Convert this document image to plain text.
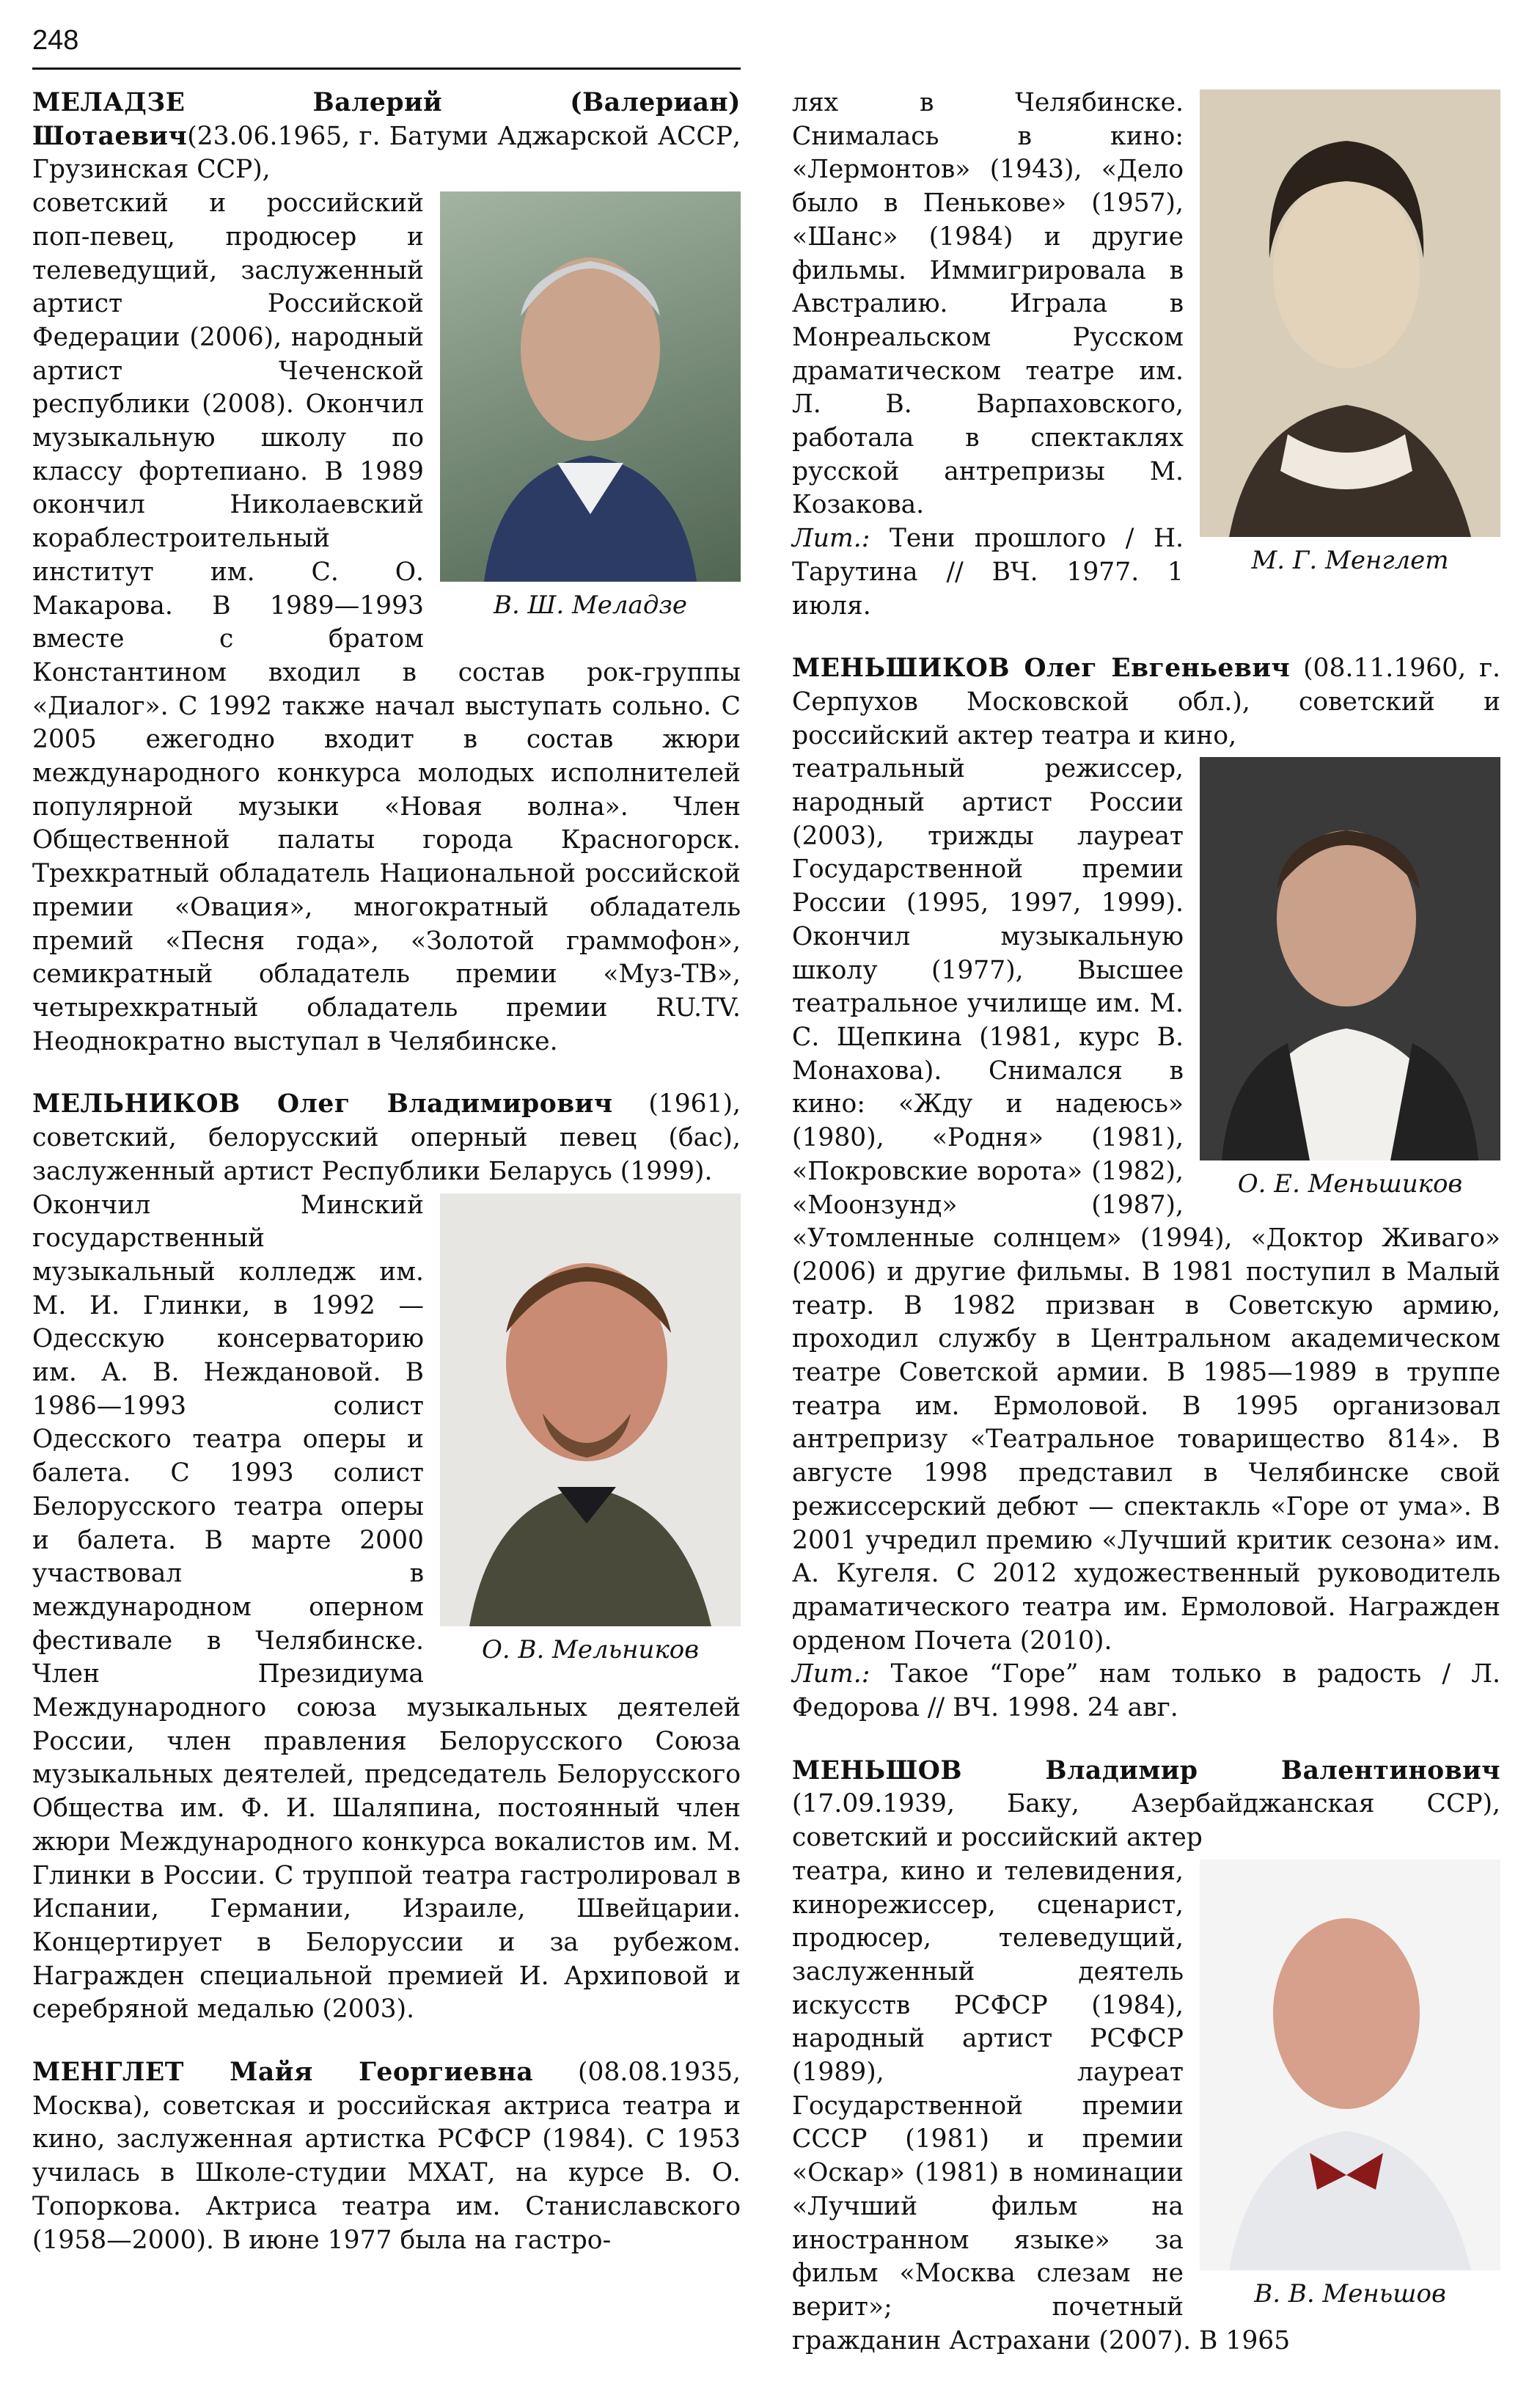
248

МЕЛАДЗЕ Валерий (Валериан) Шотаевич(23.06.1965, г. Батуми Аджарской АССР, Грузинская ССР),

В. Ш. Меладзе
советский и российский поп-певец, продюсер и телеведущий, заслуженный артист Российской Федерации (2006), народный артист Чеченской республики (2008). Окончил музыкальную школу по классу фортепиано. В 1989 окончил Николаевский кораблестроительный институт им. С. О. Макарова. В 1989—1993 вместе с братом Константином входил в состав рок-группы «Диалог». С 1992 также начал выступать сольно. С 2005 ежегодно входит в состав жюри международного конкурса молодых исполнителей популярной музыки «Новая волна». Член Общественной палаты города Красногорск. Трехкратный обладатель Национальной российской премии «Овация», многократный обладатель премий «Песня года», «Золотой граммофон», семикратный обладатель премии «Муз-ТВ», четырехкратный обладатель премии RU.TV. Неоднократно выступал в Челябинске.

МЕЛЬНИКОВ Олег Владимирович (1961), советский, белорусский оперный певец (бас), заслуженный артист Республики Беларусь (1999).

О. В. Мельников
Окончил Минский государственный музыкальный колледж им. М. И. Глинки, в 1992 — Одесскую консерваторию им. А. В. Неждановой. В 1986—1993 солист Одесского театра оперы и балета. С 1993 солист Белорусского театра оперы и балета. В марте 2000 участвовал в международном оперном фестивале в Челябинске. Член Президиума Международного союза музыкальных деятелей России, член правления Белорусского Союза музыкальных деятелей, председатель Белорусского Общества им. Ф. И. Шаляпина, постоянный член жюри Международного конкурса вокалистов им. М. Глинки в России. С труппой театра гастролировал в Испании, Германии, Израиле, Швейцарии. Концертирует в Белоруссии и за рубежом. Награжден специальной премией И. Архиповой и серебряной медалью (2003).

МЕНГЛЕТ Майя Георгиевна (08.08.1935, Москва), советская и российская актриса театра и кино, заслуженная артистка РСФСР (1984). С 1953 училась в Школе-студии МХАТ, на курсе В. О. Топоркова. Актриса театра им. Станиславского (1958—2000). В июне 1977 была на гастро-

М. Г. Менглет
лях в Челябинске. Снималась в кино: «Лермонтов» (1943), «Дело было в Пенькове» (1957), «Шанс» (1984) и другие фильмы. Иммигрировала в Австралию. Играла в Монреальском Русском драматическом театре им. Л. В. Варпаховского, работала в спектаклях русской антрепризы М. Козакова.

Лит.: Тени прошлого / Н. Тарутина // ВЧ. 1977. 1 июля.

МЕНЬШИКОВ Олег Евгеньевич (08.11.1960, г. Серпухов Московской обл.), советский и российский актер театра и кино,

О. Е. Меньшиков
театральный режиссер, народный артист России (2003), трижды лауреат Государственной премии России (1995, 1997, 1999). Окончил музыкальную школу (1977), Высшее театральное училище им. М. С. Щепкина (1981, курс В. Монахова). Снимался в кино: «Жду и надеюсь» (1980), «Родня» (1981), «Покровские ворота» (1982), «Моонзунд» (1987), «Утомленные солнцем» (1994), «Доктор Живаго» (2006) и другие фильмы. В 1981 поступил в Малый театр. В 1982 призван в Советскую армию, проходил службу в Центральном академическом театре Советской армии. В 1985—1989 в труппе театра им. Ермоловой. В 1995 организовал антрепризу «Театральное товарищество 814». В августе 1998 представил в Челябинске свой режиссерский дебют — спектакль «Горе от ума». В 2001 учредил премию «Лучший критик сезона» им. А. Кугеля. С 2012 художественный руководитель драматического театра им. Ермоловой. Награжден орденом Почета (2010).

Лит.: Такое “Горе” нам только в радость / Л. Федорова // ВЧ. 1998. 24 авг.

МЕНЬШОВ Владимир Валентинович (17.09.1939, Баку, Азербайджанская ССР), советский и российский актер

В. В. Меньшов
театра, кино и телевидения, кинорежиссер, сценарист, продюсер, телеведущий, заслуженный деятель искусств РСФСР (1984), народный артист РСФСР (1989), лауреат Государственной премии СССР (1981) и премии «Оскар» (1981) в номинации «Лучший фильм на иностранном языке» за фильм «Москва слезам не верит»; почетный гражданин Астрахани (2007). В 1965
